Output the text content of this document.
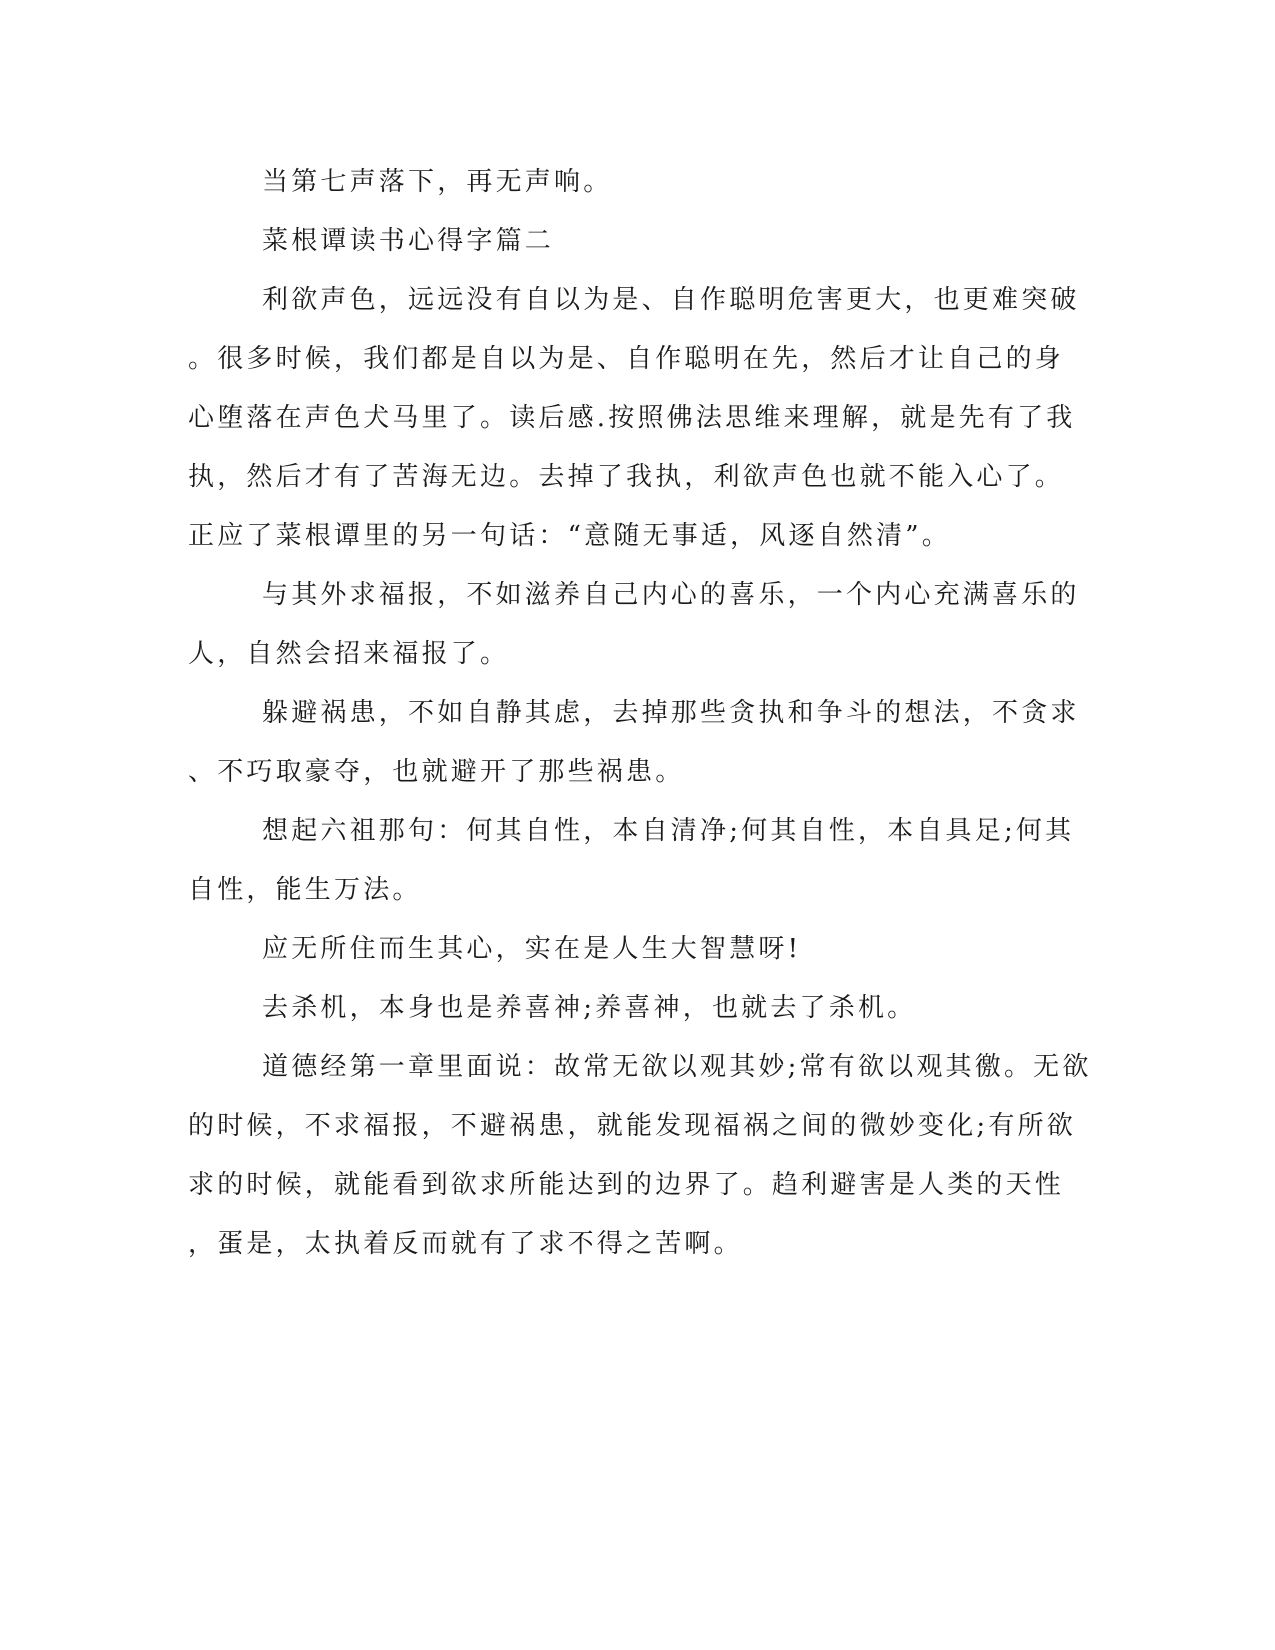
当第七声落下，再无声响。

菜根谭读书心得字篇二

利欲声色，远远没有自以为是、自作聪明危害更大，也更难突破

。很多时候，我们都是自以为是、自作聪明在先，然后才让自己的身

心堕落在声色犬马里了。读后感.按照佛法思维来理解，就是先有了我

执，然后才有了苦海无边。去掉了我执，利欲声色也就不能入心了。

正应了菜根谭里的另一句话：“意随无事适，风逐自然清”。

与其外求福报，不如滋养自己内心的喜乐，一个内心充满喜乐的

人，自然会招来福报了。

躲避祸患，不如自静其虑，去掉那些贪执和争斗的想法，不贪求

、不巧取豪夺，也就避开了那些祸患。

想起六祖那句：何其自性，本自清净;何其自性，本自具足;何其

自性，能生万法。

应无所住而生其心，实在是人生大智慧呀!

去杀机，本身也是养喜神;养喜神，也就去了杀机。

道德经第一章里面说：故常无欲以观其妙;常有欲以观其徼。无欲

的时候，不求福报，不避祸患，就能发现福祸之间的微妙变化;有所欲

求的时候，就能看到欲求所能达到的边界了。趋利避害是人类的天性

，蛋是，太执着反而就有了求不得之苦啊。
